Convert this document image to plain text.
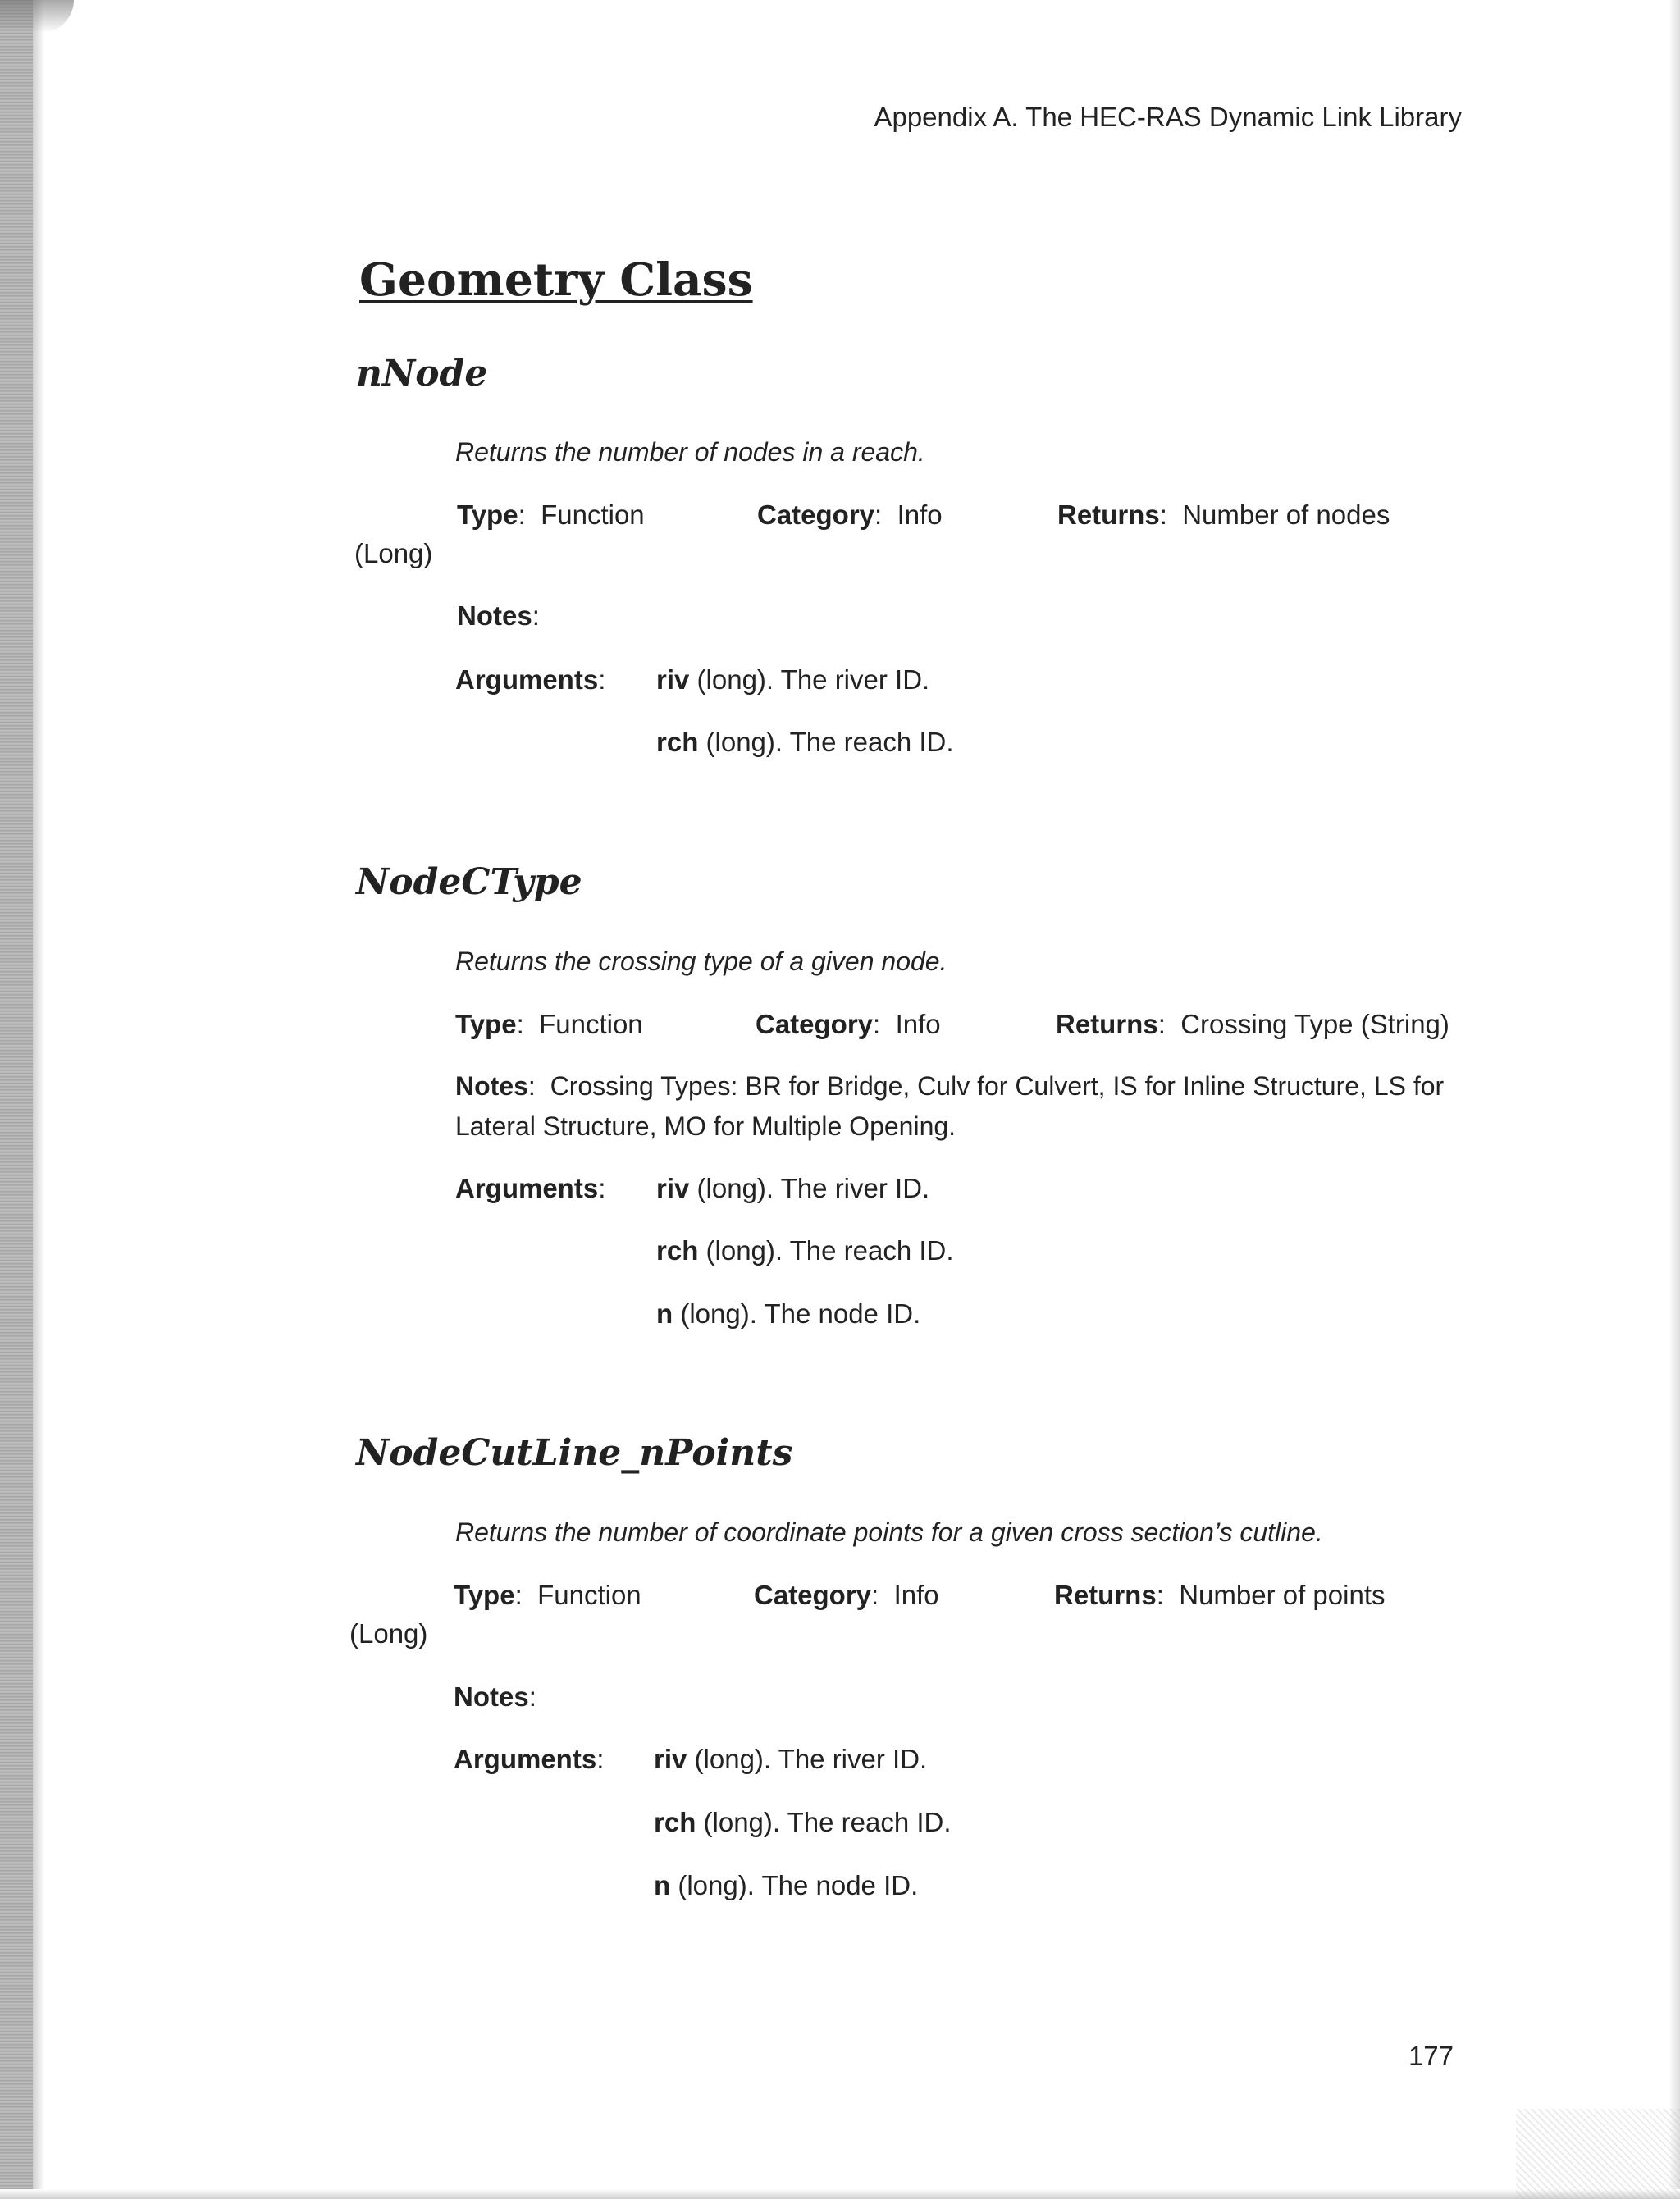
Appendix A. The HEC-RAS Dynamic Link Library
Geometry Class
nNode
Returns the number of nodes in a reach.
Type: Function	Category: Info	Returns: Number of nodes
(Long)
Notes:
Arguments: riv (long). The river ID.
rch (long). The reach ID.
NodeCType
Returns the crossing type of a given node.
Type: Function	Category: Info	Returns: Crossing Type (String)
Notes: Crossing Types: BR for Bridge, Culv for Culvert, IS for Inline Structure, LS for Lateral Structure, MO for Multiple Opening.
Arguments: riv (long). The river ID.
rch (long). The reach ID.
n (long). The node ID.
NodeCutLine_nPoints
Returns the number of coordinate points for a given cross section’s cutline.
Type: Function	Category: Info	Returns: Number of points
(Long)
Notes:
Arguments: riv (long). The river ID.
rch (long). The reach ID.
n (long). The node ID.
177
